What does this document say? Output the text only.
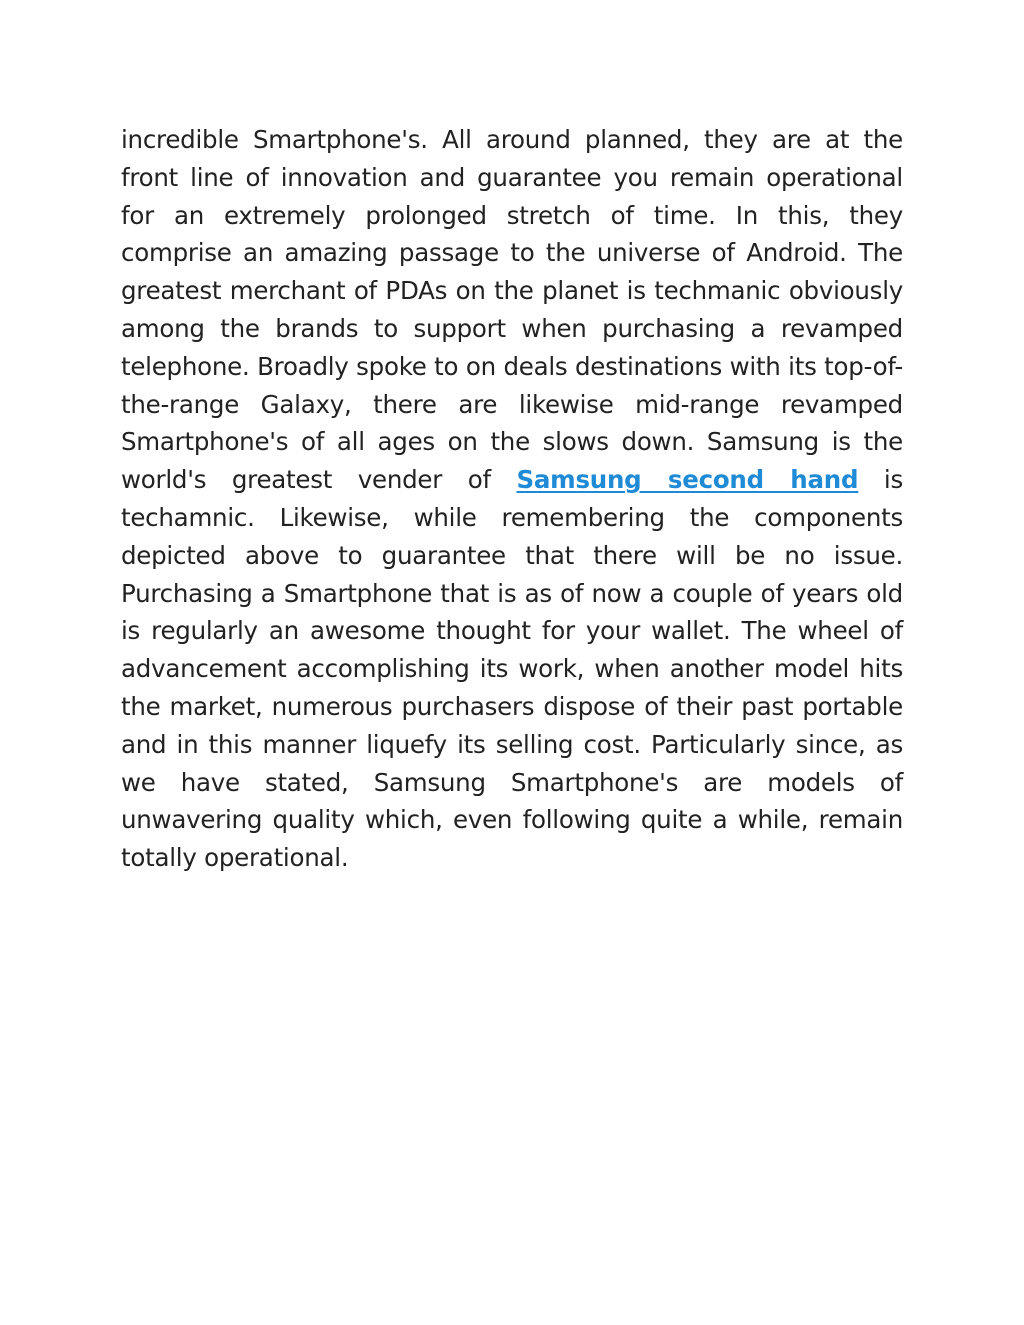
incredible Smartphone's. All around planned, they are at the front line of innovation and guarantee you remain operational for an extremely prolonged stretch of time. In this, they comprise an amazing passage to the universe of Android. The greatest merchant of PDAs on the planet is techmanic obviously among the brands to support when purchasing a revamped telephone. Broadly spoke to on deals destinations with its top-of-the-range Galaxy, there are likewise mid-range revamped Smartphone's of all ages on the slows down. Samsung is the world's greatest vender of Samsung second hand is techamnic. Likewise, while remembering the components depicted above to guarantee that there will be no issue. Purchasing a Smartphone that is as of now a couple of years old is regularly an awesome thought for your wallet. The wheel of advancement accomplishing its work, when another model hits the market, numerous purchasers dispose of their past portable and in this manner liquefy its selling cost. Particularly since, as we have stated, Samsung Smartphone's are models of unwavering quality which, even following quite a while, remain totally operational.
